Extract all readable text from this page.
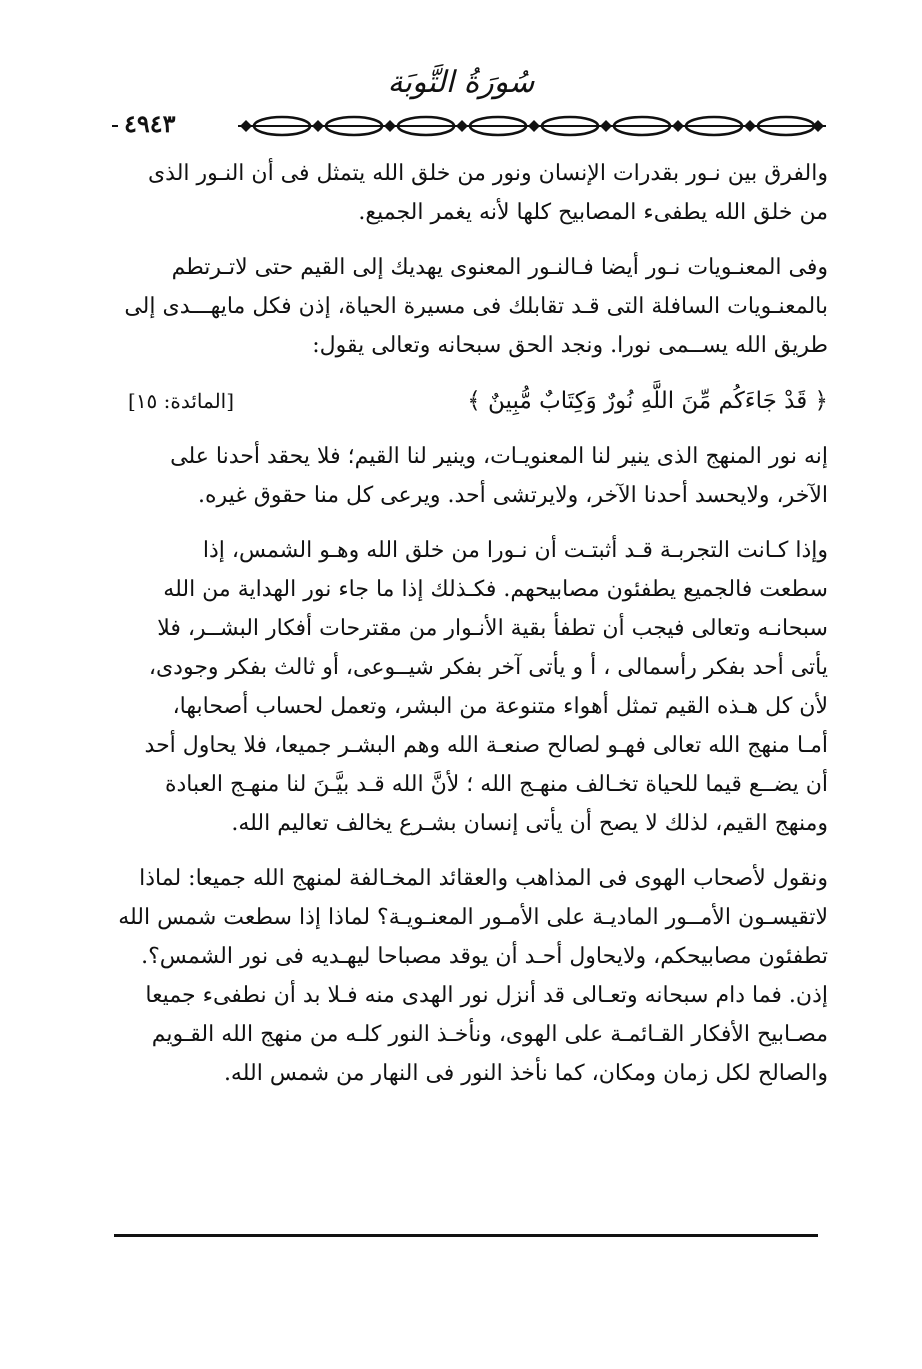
سُورَةُ التَّوبَة
٤٩٤٣
والفرق بين نـور بقدرات الإنسان ونور من خلق الله يتمثل فى أن النـور الذى
من خلق الله يطفىء المصابيح كلها لأنه يغمر الجميع.
وفى المعنـويات نـور أيضا فـالنـور المعنوى يهديك إلى القيم حتى لاتـرتطم
بالمعنـويات السافلة التى قـد تقابلك فى مسيرة الحياة، إذن فكل مايهـــدى إلى
طريق الله يســمى نورا. ونجد الحق سبحانه وتعالى يقول:
﴿ قَدْ جَاءَكُم مِّنَ اللَّهِ نُورٌ وَكِتَابٌ مُّبِينٌ ﴾
[المائدة: ١٥]
إنه نور المنهج الذى ينير لنا المعنويـات، وينير لنا القيم؛ فلا يحقد أحدنا على
الآخر، ولايحسد أحدنا الآخر، ولايرتشى أحد. ويرعى كل منا حقوق غيره.
وإذا كـانت التجربـة قـد أثبتـت أن نـورا من خلق الله وهـو الشمس، إذا
سطعت فالجميع يطفئون مصابيحهم. فكـذلك إذا ما جاء نور الهداية من الله
سبحانـه وتعالى فيجب أن تطفأ بقية الأنـوار من مقترحات أفكار البشــر، فلا
يأتى أحد بفكر رأسمالى ، أ و يأتى آخر بفكر شيــوعى، أو ثالث بفكر وجودى،
لأن كل هـذه القيم تمثل أهواء متنوعة من البشر، وتعمل لحساب أصحابها،
أمـا منهج الله تعالى فهـو لصالح صنعـة الله وهم البشـر جميعا، فلا يحاول أحد
أن يضــع قيما للحياة تخـالف منهـج الله ؛ لأنَّ الله قـد بيَّـنَ لنا منهـج العبادة
ومنهج القيم، لذلك لا يصح أن يأتى إنسان بشـرع يخالف تعاليم الله.
ونقول لأصحاب الهوى فى المذاهب والعقائد المخـالفة لمنهج الله جميعا: لماذا
لاتقيسـون الأمــور الماديـة على الأمـور المعنـويـة؟ لماذا إذا سطعت شمس الله
تطفئون مصابيحكم، ولايحاول أحـد أن يوقد مصباحا ليهـديه فى نور الشمس؟.
إذن. فما دام سبحانه وتعـالى قد أنزل نور الهدى منه فـلا بد أن نطفىء جميعا
مصـابيح الأفكار القـائمـة على الهوى، ونأخـذ النور كلـه من منهج الله القـويم
والصالح لكل زمان ومكان، كما نأخذ النور فى النهار من شمس الله.
